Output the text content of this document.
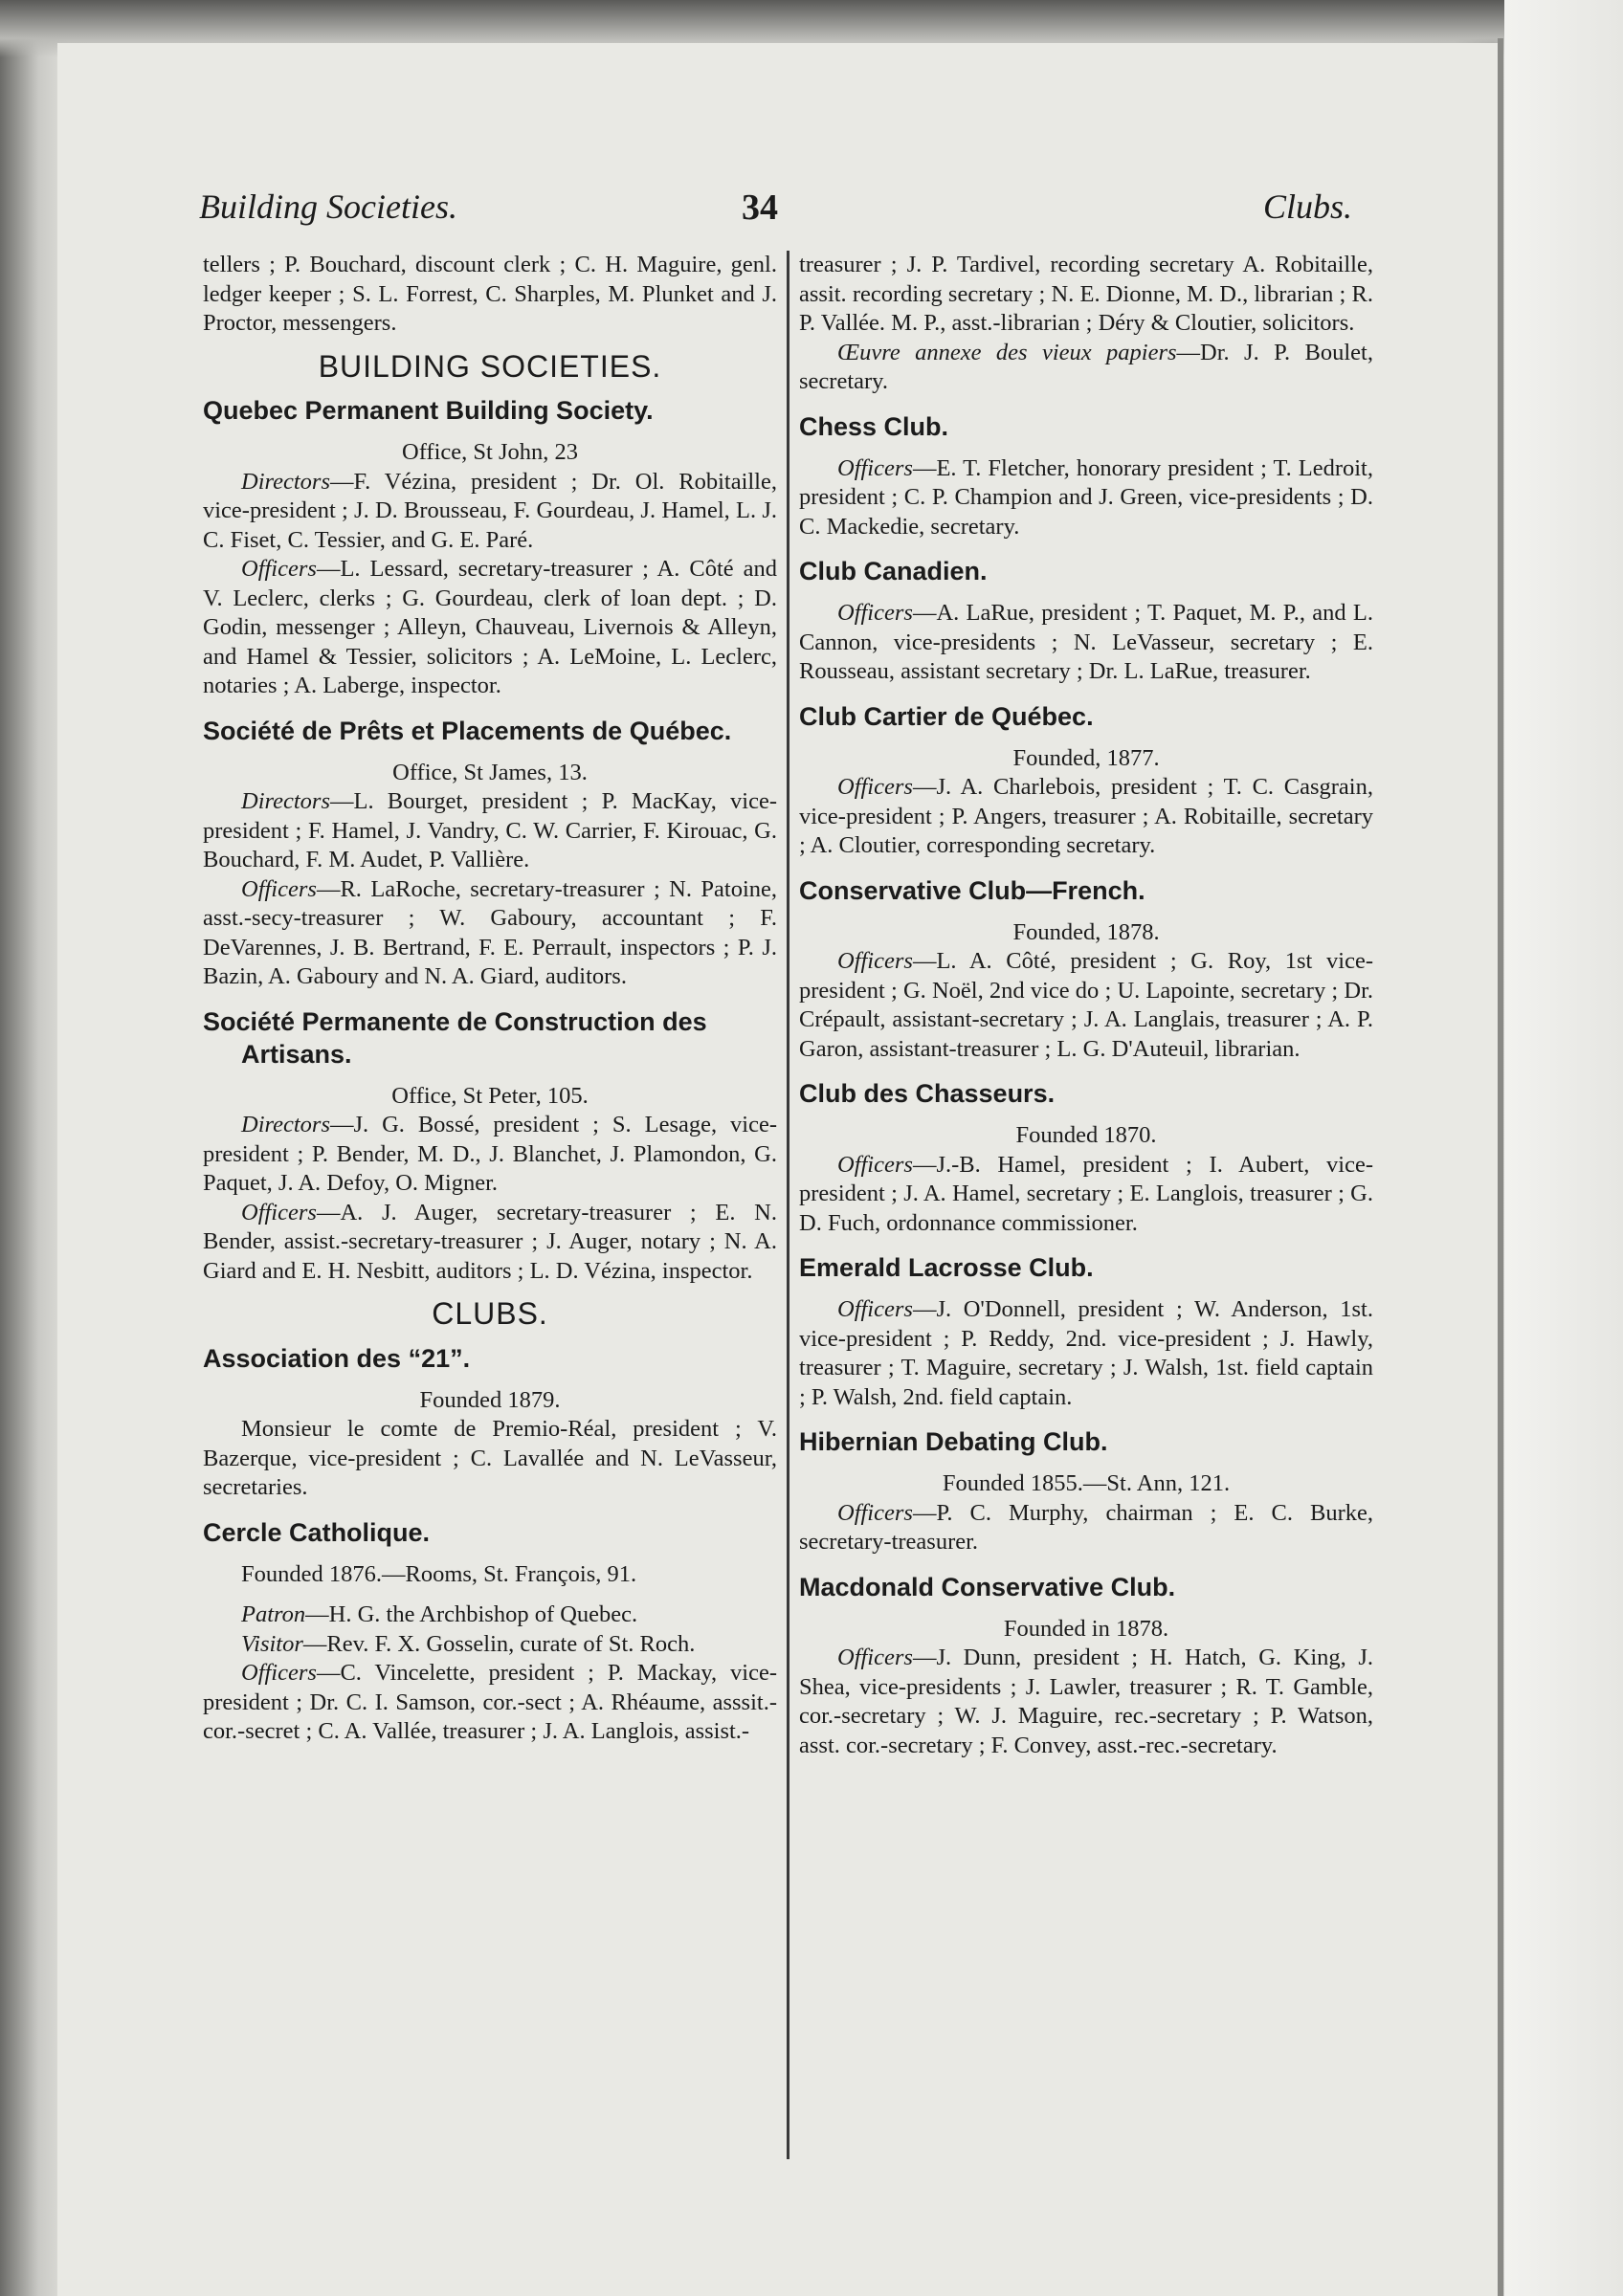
Building Societies.	34	Clubs.

tellers ; P. Bouchard, discount clerk ; C. H. Maguire, genl. ledger keeper ; S. L. Forrest, C. Sharples, M. Plunket and J. Proctor, messengers.

BUILDING SOCIETIES.

Quebec Permanent Building Society.

Office, St John, 23

Directors—F. Vézina, president ; Dr. Ol. Robitaille, vice-president ; J. D. Brousseau, F. Gourdeau, J. Hamel, L. J. C. Fiset, C. Tessier, and G. E. Paré.

Officers—L. Lessard, secretary-treasurer ; A. Côté and V. Leclerc, clerks ; G. Gourdeau, clerk of loan dept. ; D. Godin, messenger ; Alleyn, Chauveau, Livernois & Alleyn, and Hamel & Tessier, solicitors ; A. LeMoine, L. Leclerc, notaries ; A. Laberge, inspector.

Société de Prêts et Placements de Québec.

Office, St James, 13.

Directors—L. Bourget, president ; P. MacKay, vice-president ; F. Hamel, J. Vandry, C. W. Carrier, F. Kirouac, G. Bouchard, F. M. Audet, P. Vallière.

Officers—R. LaRoche, secretary-treasurer ; N. Patoine, asst.-secy-treasurer ; W. Gaboury, accountant ; F. DeVarennes, J. B. Bertrand, F. E. Perrault, inspectors ; P. J. Bazin, A. Gaboury and N. A. Giard, auditors.

Société Permanente de Construction des Artisans.

Office, St Peter, 105.

Directors—J. G. Bossé, president ; S. Lesage, vice-president ; P. Bender, M. D., J. Blanchet, J. Plamondon, G. Paquet, J. A. Defoy, O. Migner.

Officers—A. J. Auger, secretary-treasurer ; E. N. Bender, assist.-secretary-treasurer ; J. Auger, notary ; N. A. Giard and E. H. Nesbitt, auditors ; L. D. Vézina, inspector.

CLUBS.

Association des “21”.

Founded 1879.

Monsieur le comte de Premio-Réal, president ; V. Bazerque, vice-president ; C. Lavallée and N. LeVasseur, secretaries.

Cercle Catholique.

Founded 1876.—Rooms, St. François, 91.

Patron—H. G. the Archbishop of Quebec.

Visitor—Rev. F. X. Gosselin, curate of St. Roch.

Officers—C. Vincelette, president ; P. Mackay, vice-president ; Dr. C. I. Samson, cor.-sect ; A. Rhéaume, asssit.-cor.-secret ; C. A. Vallée, treasurer ; J. A. Langlois, assist.-

treasurer ; J. P. Tardivel, recording secretary A. Robitaille, assit. recording secretary ; N. E. Dionne, M. D., librarian ; R. P. Vallée. M. P., asst.-librarian ; Déry & Cloutier, solicitors.

Œuvre annexe des vieux papiers—Dr. J. P. Boulet, secretary.

Chess Club.

Officers—E. T. Fletcher, honorary president ; T. Ledroit, president ; C. P. Champion and J. Green, vice-presidents ; D. C. Mackedie, secretary.

Club Canadien.

Officers—A. LaRue, president ; T. Paquet, M. P., and L. Cannon, vice-presidents ; N. LeVasseur, secretary ; E. Rousseau, assistant secretary ; Dr. L. LaRue, treasurer.

Club Cartier de Québec.

Founded, 1877.

Officers—J. A. Charlebois, president ; T. C. Casgrain, vice-president ; P. Angers, treasurer ; A. Robitaille, secretary ; A. Cloutier, corresponding secretary.

Conservative Club—French.

Founded, 1878.

Officers—L. A. Côté, president ; G. Roy, 1st vice-president ; G. Noël, 2nd vice do ; U. Lapointe, secretary ; Dr. Crépault, assistant-secretary ; J. A. Langlais, treasurer ; A. P. Garon, assistant-treasurer ; L. G. D'Auteuil, librarian.

Club des Chasseurs.

Founded 1870.

Officers—J.-B. Hamel, president ; I. Aubert, vice-president ; J. A. Hamel, secretary ; E. Langlois, treasurer ; G. D. Fuch, ordonnance commissioner.

Emerald Lacrosse Club.

Officers—J. O'Donnell, president ; W. Anderson, 1st. vice-president ; P. Reddy, 2nd. vice-president ; J. Hawly, treasurer ; T. Maguire, secretary ; J. Walsh, 1st. field captain ; P. Walsh, 2nd. field captain.

Hibernian Debating Club.

Founded 1855.—St. Ann, 121.

Officers—P. C. Murphy, chairman ; E. C. Burke, secretary-treasurer.

Macdonald Conservative Club.

Founded in 1878.

Officers—J. Dunn, president ; H. Hatch, G. King, J. Shea, vice-presidents ; J. Lawler, treasurer ; R. T. Gamble, cor.-secretary ; W. J. Maguire, rec.-secretary ; P. Watson, asst. cor.-secretary ; F. Convey, asst.-rec.-secretary.
